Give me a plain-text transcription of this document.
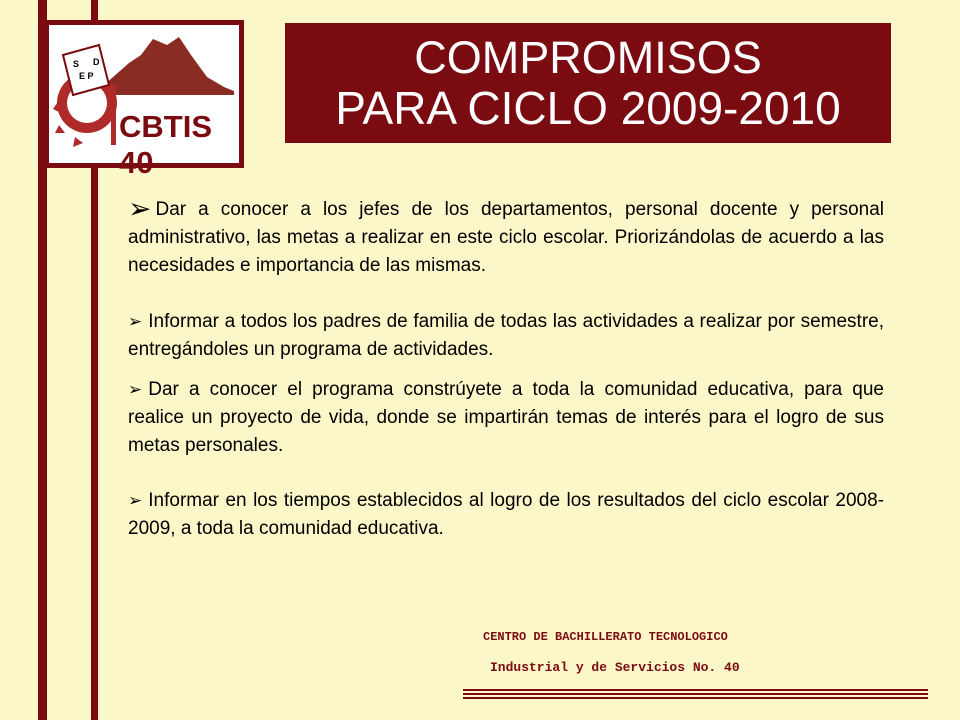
S
E P
D
CBTIS 40
COMPROMISOS
PARA CICLO 2009-2010

➢ Dar a conocer a los jefes de los departamentos, personal docente y personal administrativo, las metas a realizar en este ciclo escolar. Priorizándolas de acuerdo a las necesidades e importancia de las mismas.

➢ Informar a todos los padres de familia de todas las actividades a realizar por semestre, entregándoles un programa de actividades.

➢ Dar a conocer el programa constrúyete a toda la comunidad educativa, para que realice un proyecto de vida, donde se impartirán temas de interés para el logro de sus metas personales.

➢ Informar en los tiempos establecidos al logro de los resultados del ciclo escolar 2008-2009, a toda la comunidad educativa.

CENTRO DE BACHILLERATO TECNOLOGICO
Industrial y de Servicios No. 40
